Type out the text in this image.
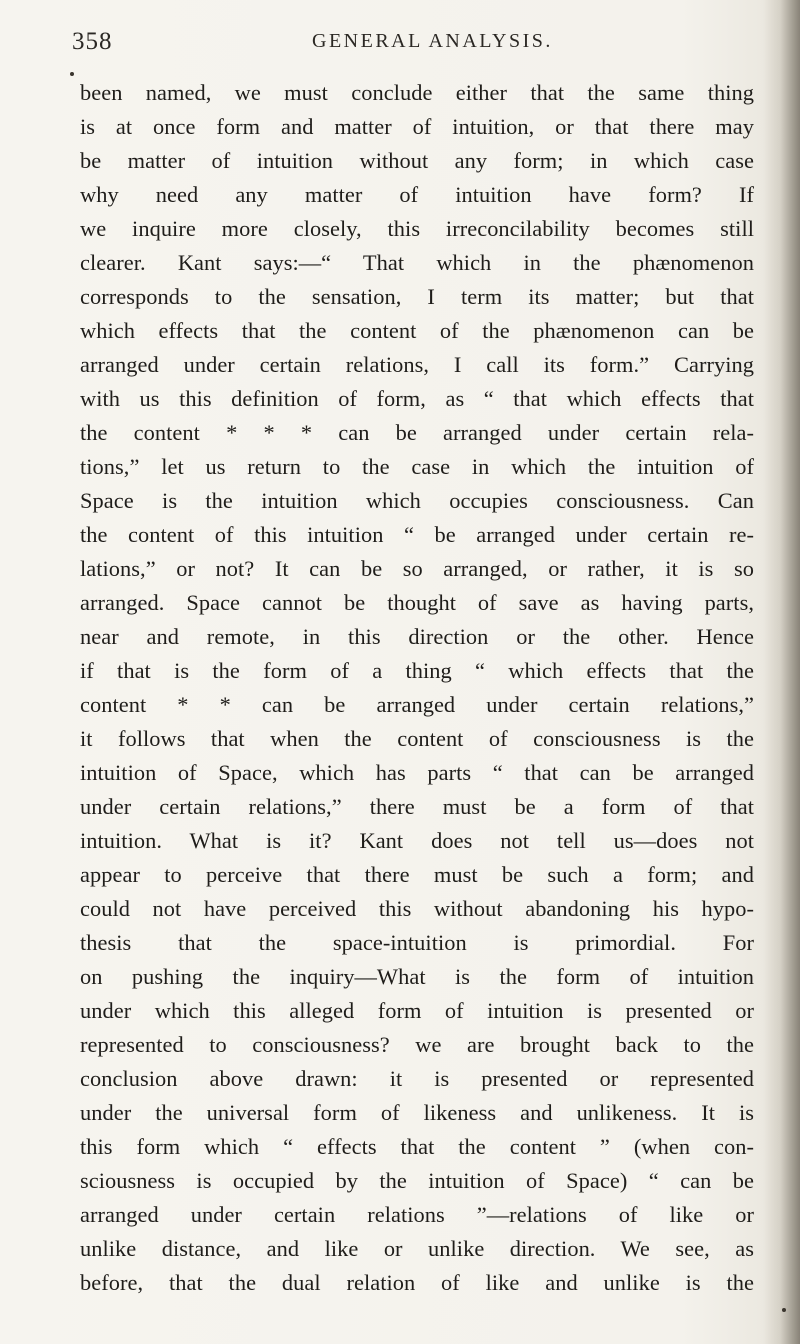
358	GENERAL ANALYSIS.
been named, we must conclude either that the same thing
is at once form and matter of intuition, or that there may
be matter of intuition without any form; in which case
why need any matter of intuition have form? If
we inquire more closely, this irreconcilability becomes still
clearer. Kant says:—“ That which in the phænomenon
corresponds to the sensation, I term its matter; but that
which effects that the content of the phænomenon can be
arranged under certain relations, I call its form.” Carrying
with us this definition of form, as “ that which effects that
the content * * * can be arranged under certain rela-
tions,” let us return to the case in which the intuition of
Space is the intuition which occupies consciousness. Can
the content of this intuition “ be arranged under certain re-
lations,” or not? It can be so arranged, or rather, it is so
arranged. Space cannot be thought of save as having parts,
near and remote, in this direction or the other. Hence
if that is the form of a thing “ which effects that the
content * * can be arranged under certain relations,”
it follows that when the content of consciousness is the
intuition of Space, which has parts “ that can be arranged
under certain relations,” there must be a form of that
intuition. What is it? Kant does not tell us—does not
appear to perceive that there must be such a form; and
could not have perceived this without abandoning his hypo-
thesis that the space-intuition is primordial. For
on pushing the inquiry—What is the form of intuition
under which this alleged form of intuition is presented or
represented to consciousness? we are brought back to the
conclusion above drawn: it is presented or represented
under the universal form of likeness and unlikeness. It is
this form which “ effects that the content ” (when con-
sciousness is occupied by the intuition of Space) “ can be
arranged under certain relations ”—relations of like or
unlike distance, and like or unlike direction. We see, as
before, that the dual relation of like and unlike is the
